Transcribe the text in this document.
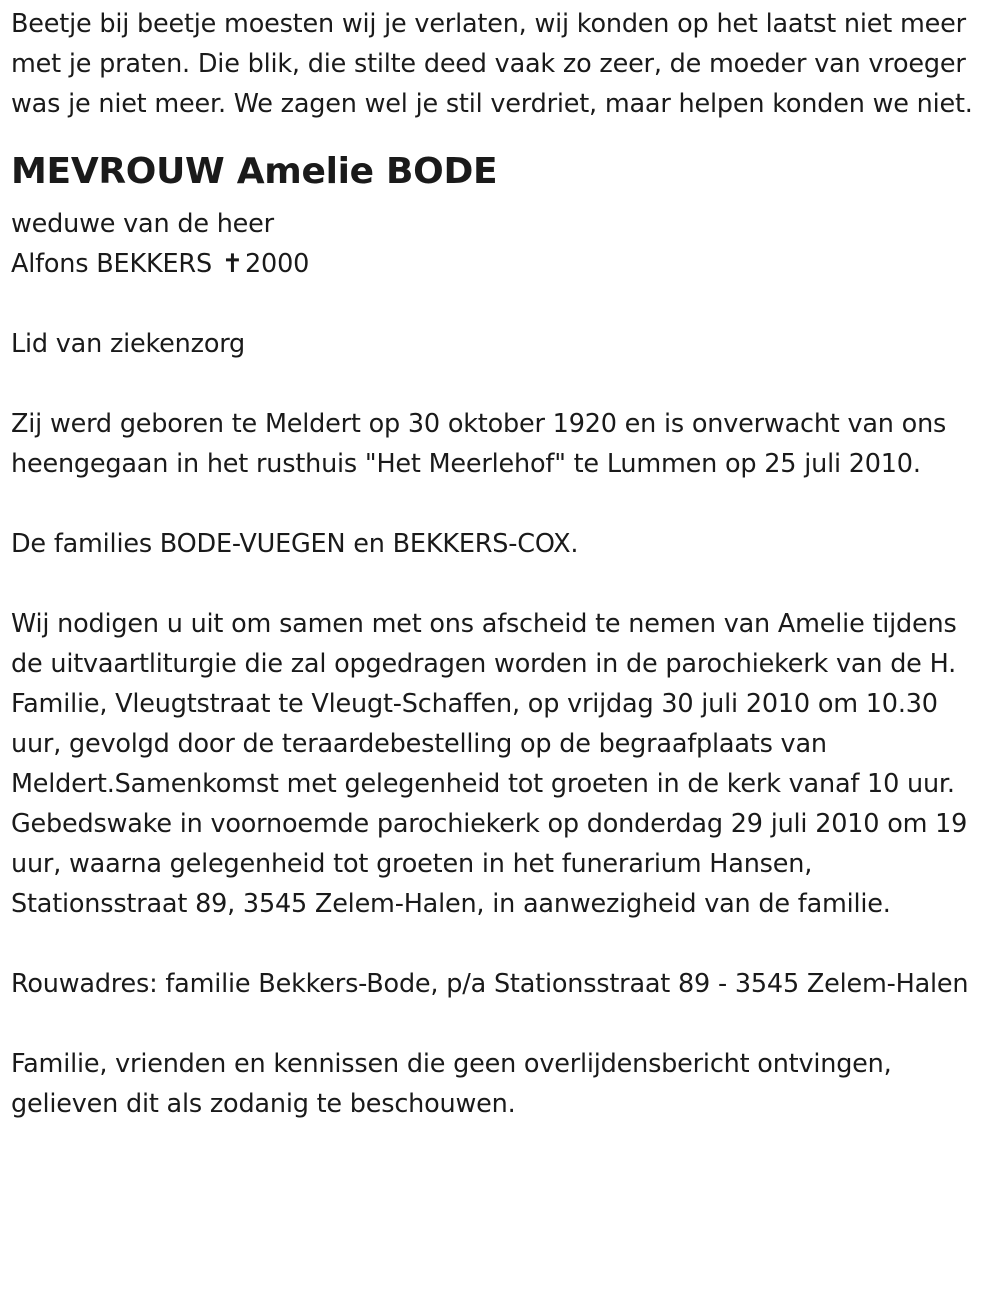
Beetje bij beetje moesten wij je verlaten, wij konden op het laatst niet meer met je praten. Die blik, die stilte deed vaak zo zeer, de moeder van vroeger was je niet meer. We zagen wel je stil verdriet, maar helpen konden we niet.

MEVROUW Amelie BODE

weduwe van de heer

Alfons BEKKERS ✝2000

Lid van ziekenzorg

Zij werd geboren te Meldert op 30 oktober 1920 en is onverwacht van ons heengegaan in het rusthuis "Het Meerlehof" te Lummen op 25 juli 2010.

De families BODE-VUEGEN en BEKKERS-COX.

Wij nodigen u uit om samen met ons afscheid te nemen van Amelie tijdens de uitvaartliturgie die zal opgedragen worden in de parochiekerk van de H. Familie, Vleugtstraat te Vleugt-Schaffen, op vrijdag 30 juli 2010 om 10.30 uur, gevolgd door de teraardebestelling op de begraafplaats van Meldert.Samenkomst met gelegenheid tot groeten in de kerk vanaf 10 uur.

Gebedswake in voornoemde parochiekerk op donderdag 29 juli 2010 om 19 uur, waarna gelegenheid tot groeten in het funerarium Hansen, Stationsstraat 89, 3545 Zelem-Halen, in aanwezigheid van de familie.

Rouwadres: familie Bekkers-Bode, p/a Stationsstraat 89 - 3545 Zelem-Halen

Familie, vrienden en kennissen die geen overlijdensbericht ontvingen, gelieven dit als zodanig te beschouwen.
